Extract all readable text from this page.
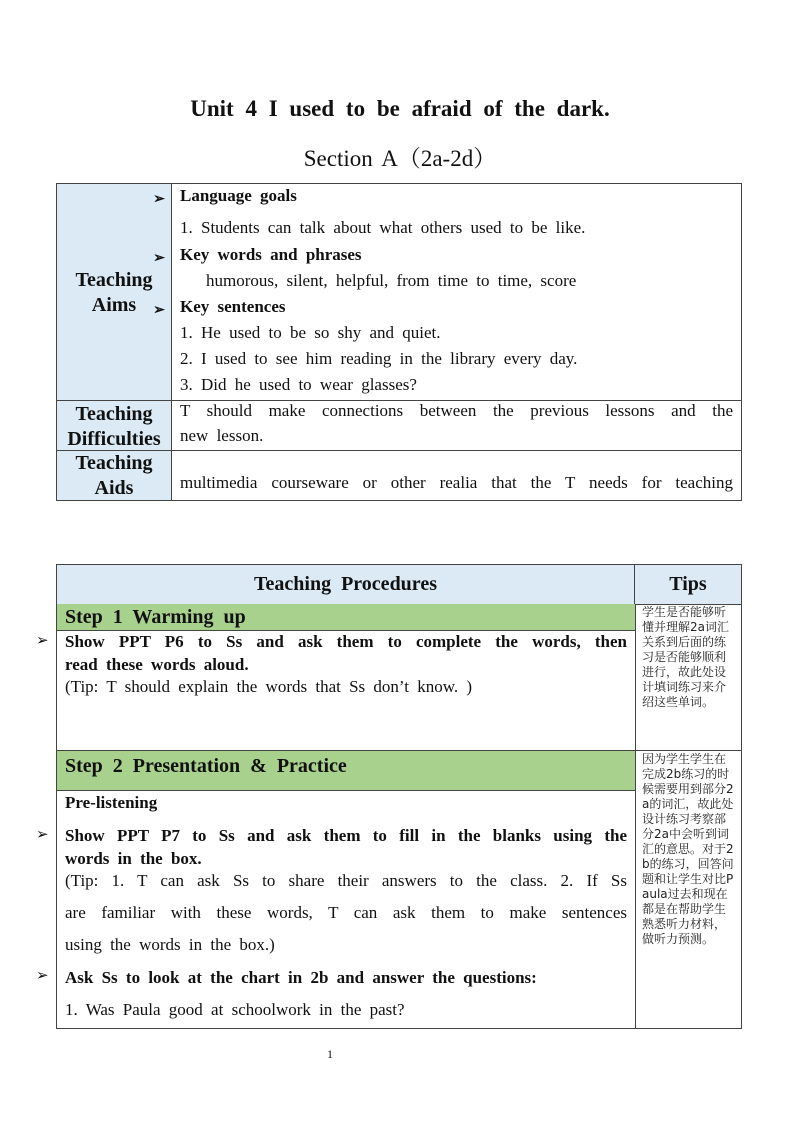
Unit 4 I used to be afraid of the dark.
Section A（2a-2d）
Teaching
Aims
➢
➢
➢
Language goals
1. Students can talk about what others used to be like.
Key words and phrases
humorous, silent, helpful, from time to time, score
Key sentences
1. He used to be so shy and quiet.
2. I used to see him reading in the library every day.
3. Did he used to wear glasses?
Teaching
Difficulties
T should make connections between the previous lessons and the
new lesson.
Teaching
Aids	multimedia courseware or other realia that the T needs for teaching
Teaching Procedures	Tips
Step 1 Warming up
Show PPT P6 to Ss and ask them to complete the words, then
read these words aloud.
(Tip: T should explain the words that Ss don’t know. )
学生是否能够听懂并理解2a词汇关系到后面的练习是否能够顺利进行，故此处设计填词练习来介绍这些单词。
Step 2 Presentation & Practice
Pre-listening
Show PPT P7 to Ss and ask them to fill in the blanks using the
words in the box.
(Tip: 1. T can ask Ss to share their answers to the class. 2. If Ss
are familiar with these words, T can ask them to make sentences
using the words in the box.)
Ask Ss to look at the chart in 2b and answer the questions:
1. Was Paula good at schoolwork in the past?
因为学生学生在完成2b练习的时候需要用到部分2a的词汇，故此处设计练习考察部分2a中会听到词汇的意思。对于2b的练习，回答问题和让学生对比Paula过去和现在都是在帮助学生熟悉听力材料，做听力预测。
➢
➢
➢
1
